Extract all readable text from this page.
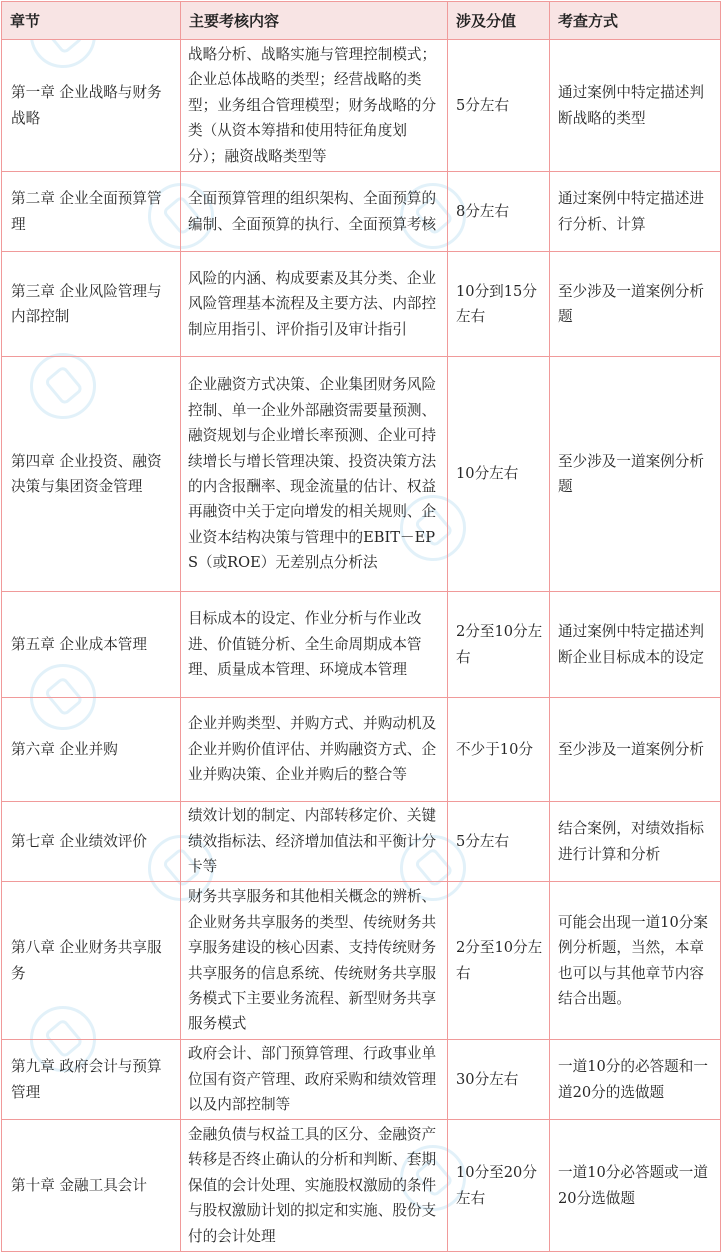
章节	主要考核内容	涉及分值	考查方式
第一章 企业战略与财务战略	战略分析、战略实施与管理控制模式；企业总体战略的类型；经营战略的类型；业务组合管理模型；财务战略的分类（从资本筹措和使用特征角度划分）；融资战略类型等	5分左右	通过案例中特定描述判断战略的类型
第二章 企业全面预算管理	全面预算管理的组织架构、全面预算的编制、全面预算的执行、全面预算考核	8分左右	通过案例中特定描述进行分析、计算
第三章 企业风险管理与内部控制	风险的内涵、构成要素及其分类、企业风险管理基本流程及主要方法、内部控制应用指引、评价指引及审计指引	10分到15分左右	至少涉及一道案例分析题
第四章 企业投资、融资决策与集团资金管理	企业融资方式决策、企业集团财务风险控制、单一企业外部融资需要量预测、融资规划与企业增长率预测、企业可持续增长与增长管理决策、投资决策方法的内含报酬率、现金流量的估计、权益再融资中关于定向增发的相关规则、企业资本结构决策与管理中的EBIT－EPS（或ROE）无差别点分析法	10分左右	至少涉及一道案例分析题
第五章 企业成本管理	目标成本的设定、作业分析与作业改进、价值链分析、全生命周期成本管理、质量成本管理、环境成本管理	2分至10分左右	通过案例中特定描述判断企业目标成本的设定
第六章 企业并购	企业并购类型、并购方式、并购动机及企业并购价值评估、并购融资方式、企业并购决策、企业并购后的整合等	不少于10分	至少涉及一道案例分析
第七章 企业绩效评价	绩效计划的制定、内部转移定价、关键绩效指标法、经济增加值法和平衡计分卡等	5分左右	结合案例，对绩效指标进行计算和分析
第八章 企业财务共享服务	财务共享服务和其他相关概念的辨析、企业财务共享服务的类型、传统财务共享服务建设的核心因素、支持传统财务共享服务的信息系统、传统财务共享服务模式下主要业务流程、新型财务共享服务模式	2分至10分左右	可能会出现一道10分案例分析题，当然，本章也可以与其他章节内容结合出题。
第九章 政府会计与预算管理	政府会计、部门预算管理、行政事业单位国有资产管理、政府采购和绩效管理以及内部控制等	30分左右	一道10分的必答题和一道20分的选做题
第十章 金融工具会计	金融负债与权益工具的区分、金融资产转移是否终止确认的分析和判断、套期保值的会计处理、实施股权激励的条件与股权激励计划的拟定和实施、股份支付的会计处理	10分至20分左右	一道10分必答题或一道20分选做题
